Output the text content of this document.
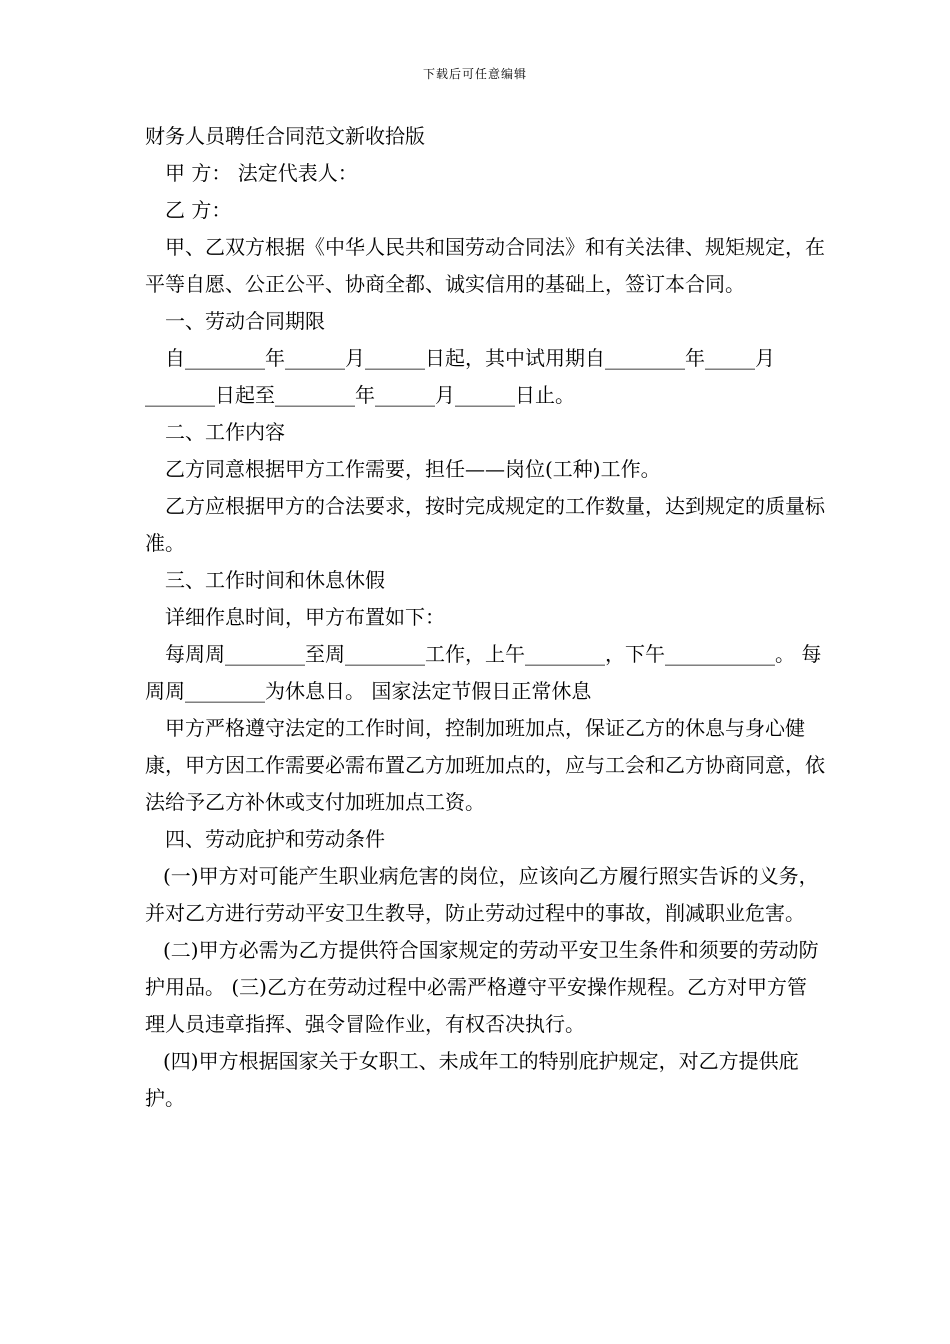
下载后可任意编辑

财务人员聘任合同范文新收拾版

甲 方： 法定代表人：

乙 方：

甲、乙双方根据《中华人民共和国劳动合同法》和有关法律、规矩规定，在平等自愿、公正公平、协商全都、诚实信用的基础上，签订本合同。

一、劳动合同期限

自________年______月______日起，其中试用期自________年_____月_______日起至________年______月______日止。

二、工作内容

乙方同意根据甲方工作需要，担任——岗位(工种)工作。

乙方应根据甲方的合法要求，按时完成规定的工作数量，达到规定的质量标准。

三、工作时间和休息休假

详细作息时间，甲方布置如下：

每周周________至周________工作，上午________，下午___________。 每周周________为休息日。 国家法定节假日正常休息

甲方严格遵守法定的工作时间，控制加班加点，保证乙方的休息与身心健康，甲方因工作需要必需布置乙方加班加点的，应与工会和乙方协商同意，依法给予乙方补休或支付加班加点工资。

四、劳动庇护和劳动条件

(一)甲方对可能产生职业病危害的岗位，应该向乙方履行照实告诉的义务，并对乙方进行劳动平安卫生教导，防止劳动过程中的事故，削减职业危害。

(二)甲方必需为乙方提供符合国家规定的劳动平安卫生条件和须要的劳动防护用品。 (三)乙方在劳动过程中必需严格遵守平安操作规程。乙方对甲方管理人员违章指挥、强令冒险作业，有权否决执行。

(四)甲方根据国家关于女职工、未成年工的特别庇护规定，对乙方提供庇护。
